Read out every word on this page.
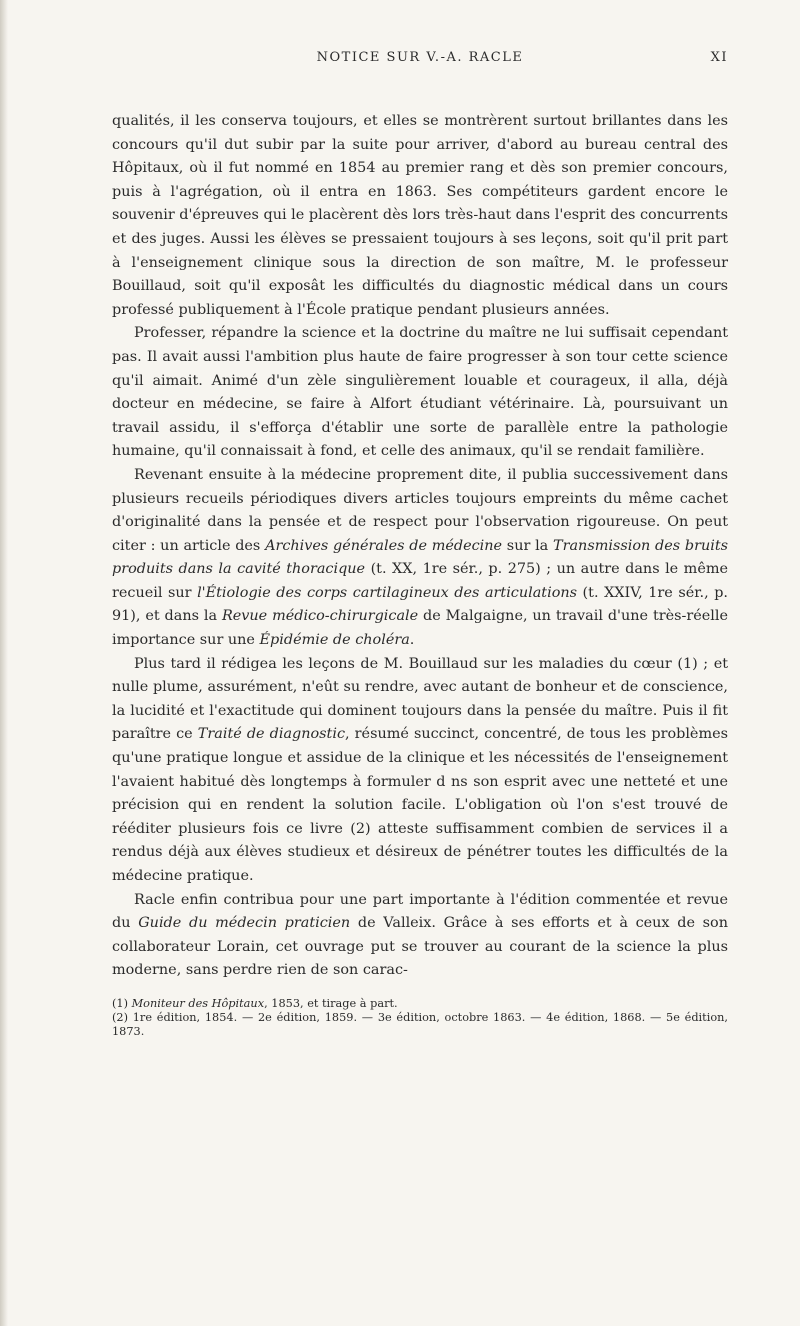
NOTICE SUR V.-A. RACLE	XI

qualités, il les conserva toujours, et elles se montrèrent surtout brillantes dans les concours qu'il dut subir par la suite pour arriver, d'abord au bureau central des Hôpitaux, où il fut nommé en 1854 au premier rang et dès son premier concours, puis à l'agrégation, où il entra en 1863. Ses compétiteurs gardent encore le souvenir d'épreuves qui le placèrent dès lors très-haut dans l'esprit des concurrents et des juges. Aussi les élèves se pressaient toujours à ses leçons, soit qu'il prit part à l'enseignement clinique sous la direction de son maître, M. le professeur Bouillaud, soit qu'il exposât les difficultés du diagnostic médical dans un cours professé publiquement à l'École pratique pendant plusieurs années.

Professer, répandre la science et la doctrine du maître ne lui suffisait cependant pas. Il avait aussi l'ambition plus haute de faire progresser à son tour cette science qu'il aimait. Animé d'un zèle singulièrement louable et courageux, il alla, déjà docteur en médecine, se faire à Alfort étudiant vétérinaire. Là, poursuivant un travail assidu, il s'efforça d'établir une sorte de parallèle entre la pathologie humaine, qu'il connaissait à fond, et celle des animaux, qu'il se rendait familière.

Revenant ensuite à la médecine proprement dite, il publia successivement dans plusieurs recueils périodiques divers articles toujours empreints du même cachet d'originalité dans la pensée et de respect pour l'observation rigoureuse. On peut citer : un article des Archives générales de médecine sur la Transmission des bruits produits dans la cavité thoracique (t. XX, 1re sér., p. 275) ; un autre dans le même recueil sur l'Étiologie des corps cartilagineux des articulations (t. XXIV, 1re sér., p. 91), et dans la Revue médico-chirurgicale de Malgaigne, un travail d'une très-réelle importance sur une Épidémie de choléra.

Plus tard il rédigea les leçons de M. Bouillaud sur les maladies du cœur (1) ; et nulle plume, assurément, n'eût su rendre, avec autant de bonheur et de conscience, la lucidité et l'exactitude qui dominent toujours dans la pensée du maître. Puis il fit paraître ce Traité de diagnostic, résumé succinct, concentré, de tous les problèmes qu'une pratique longue et assidue de la clinique et les nécessités de l'enseignement l'avaient habitué dès longtemps à formuler d ns son esprit avec une netteté et une précision qui en rendent la solution facile. L'obligation où l'on s'est trouvé de rééditer plusieurs fois ce livre (2) atteste suffisamment combien de services il a rendus déjà aux élèves studieux et désireux de pénétrer toutes les difficultés de la médecine pratique.

Racle enfin contribua pour une part importante à l'édition commentée et revue du Guide du médecin praticien de Valleix. Grâce à ses efforts et à ceux de son collaborateur Lorain, cet ouvrage put se trouver au courant de la science la plus moderne, sans perdre rien de son carac-

(1) Moniteur des Hôpitaux, 1853, et tirage à part.

(2) 1re édition, 1854. — 2e édition, 1859. — 3e édition, octobre 1863. — 4e édition, 1868. — 5e édition, 1873.
